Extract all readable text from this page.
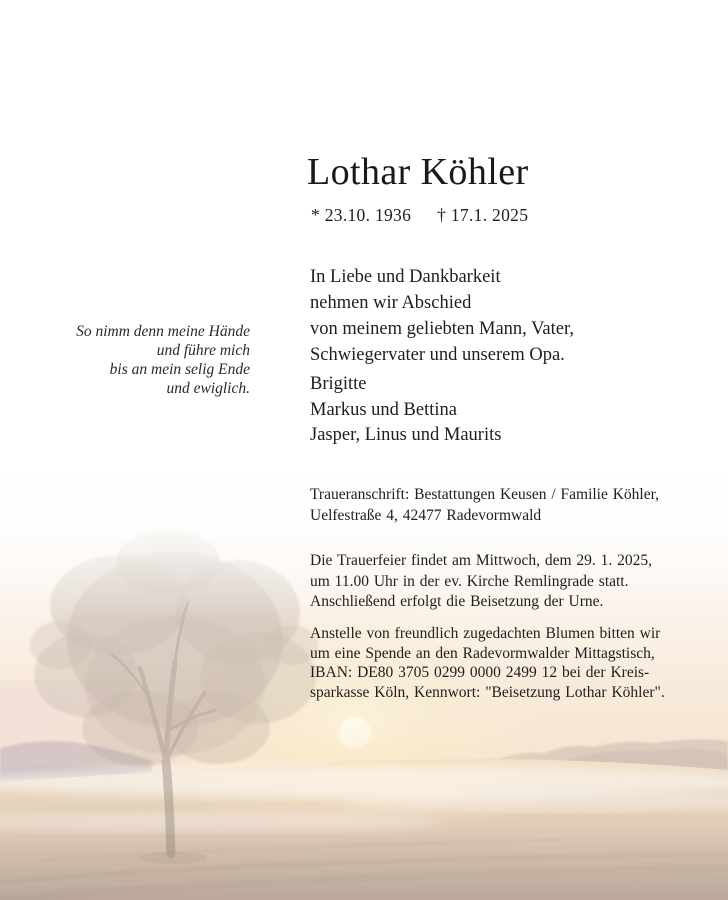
Lothar Köhler
* 23.10. 1936 † 17.1. 2025
So nimm denn meine Hände
und führe mich
bis an mein selig Ende
und ewiglich.
In Liebe und Dankbarkeit
nehmen wir Abschied
von meinem geliebten Mann, Vater,
Schwiegervater und unserem Opa.
Brigitte
Markus und Bettina
Jasper, Linus und Maurits
Traueranschrift: Bestattungen Keusen / Familie Köhler,
Uelfestraße 4, 42477 Radevormwald
Die Trauerfeier findet am Mittwoch, dem 29. 1. 2025,
um 11.00 Uhr in der ev. Kirche Remlingrade statt.
Anschließend erfolgt die Beisetzung der Urne.
Anstelle von freundlich zugedachten Blumen bitten wir
um eine Spende an den Radevormwalder Mittagstisch,
IBAN: DE80 3705 0299 0000 2499 12 bei der Kreis-
sparkasse Köln, Kennwort: "Beisetzung Lothar Köhler".
